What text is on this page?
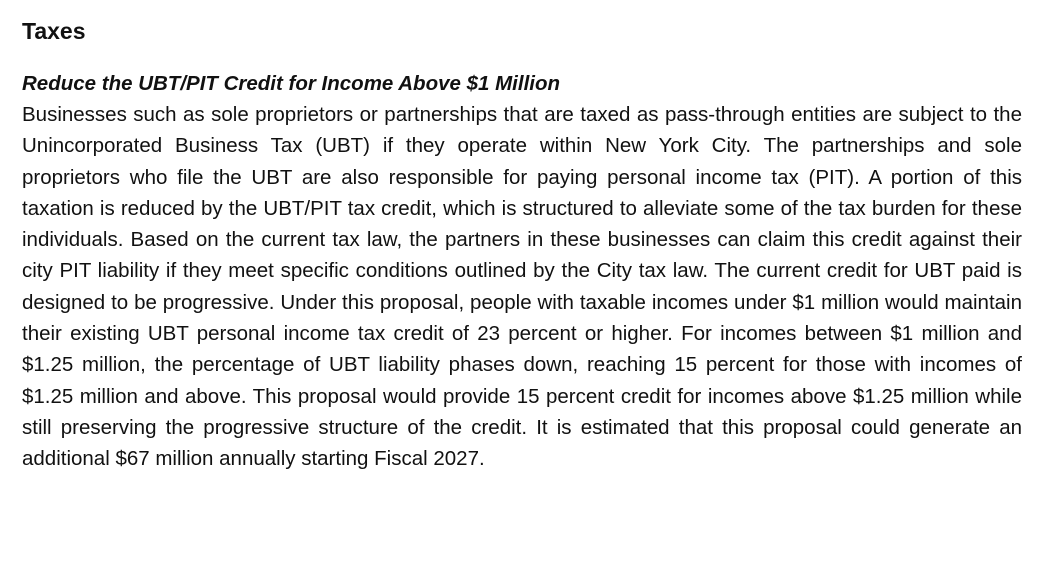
Taxes
Reduce the UBT/PIT Credit for Income Above $1 Million

Businesses such as sole proprietors or partnerships that are taxed as pass-through entities are subject to the Unincorporated Business Tax (UBT) if they operate within New York City. The partnerships and sole proprietors who file the UBT are also responsible for paying personal income tax (PIT). A portion of this taxation is reduced by the UBT/PIT tax credit, which is structured to alleviate some of the tax burden for these individuals. Based on the current tax law, the partners in these businesses can claim this credit against their city PIT liability if they meet specific conditions outlined by the City tax law. The current credit for UBT paid is designed to be progressive. Under this proposal, people with taxable incomes under $1 million would maintain their existing UBT personal income tax credit of 23 percent or higher. For incomes between $1 million and $1.25 million, the percentage of UBT liability phases down, reaching 15 percent for those with incomes of $1.25 million and above. This proposal would provide 15 percent credit for incomes above $1.25 million while still preserving the progressive structure of the credit. It is estimated that this proposal could generate an additional $67 million annually starting Fiscal 2027.
